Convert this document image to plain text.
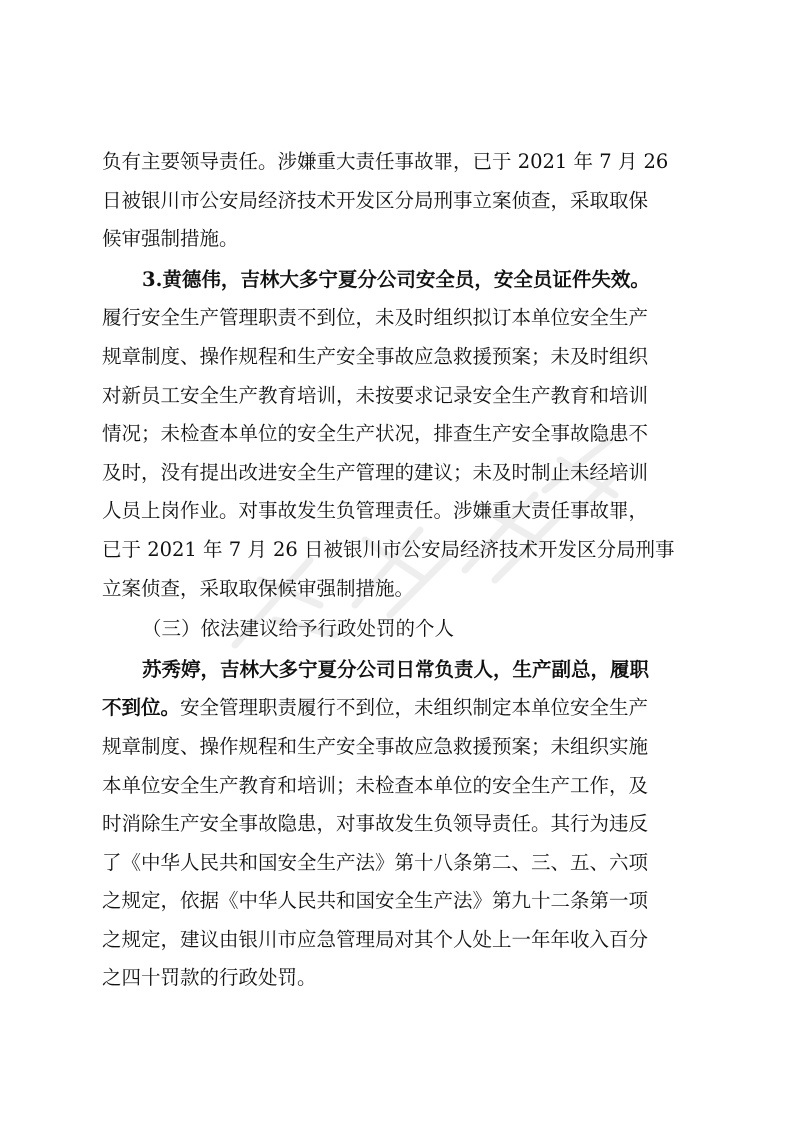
负有主要领导责任。涉嫌重大责任事故罪，已于 2021 年 7 月 26
日被银川市公安局经济技术开发区分局刑事立案侦查，采取取保
候审强制措施。
3.黄德伟，吉林大多宁夏分公司安全员，安全员证件失效。
履行安全生产管理职责不到位，未及时组织拟订本单位安全生产
规章制度、操作规程和生产安全事故应急救援预案；未及时组织
对新员工安全生产教育培训，未按要求记录安全生产教育和培训
情况；未检查本单位的安全生产状况，排查生产安全事故隐患不
及时，没有提出改进安全生产管理的建议；未及时制止未经培训
人员上岗作业。对事故发生负管理责任。涉嫌重大责任事故罪，
已于 2021 年 7 月 26 日被银川市公安局经济技术开发区分局刑事
立案侦查，采取取保候审强制措施。
（三）依法建议给予行政处罚的个人
苏秀婷，吉林大多宁夏分公司日常负责人，生产副总，履职
不到位。安全管理职责履行不到位，未组织制定本单位安全生产
规章制度、操作规程和生产安全事故应急救援预案；未组织实施
本单位安全生产教育和培训；未检查本单位的安全生产工作，及
时消除生产安全事故隐患，对事故发生负领导责任。其行为违反
了《中华人民共和国安全生产法》第十八条第二、三、五、六项
之规定，依据《中华人民共和国安全生产法》第九十二条第一项
之规定，建议由银川市应急管理局对其个人处上一年年收入百分
之四十罚款的行政处罚。
